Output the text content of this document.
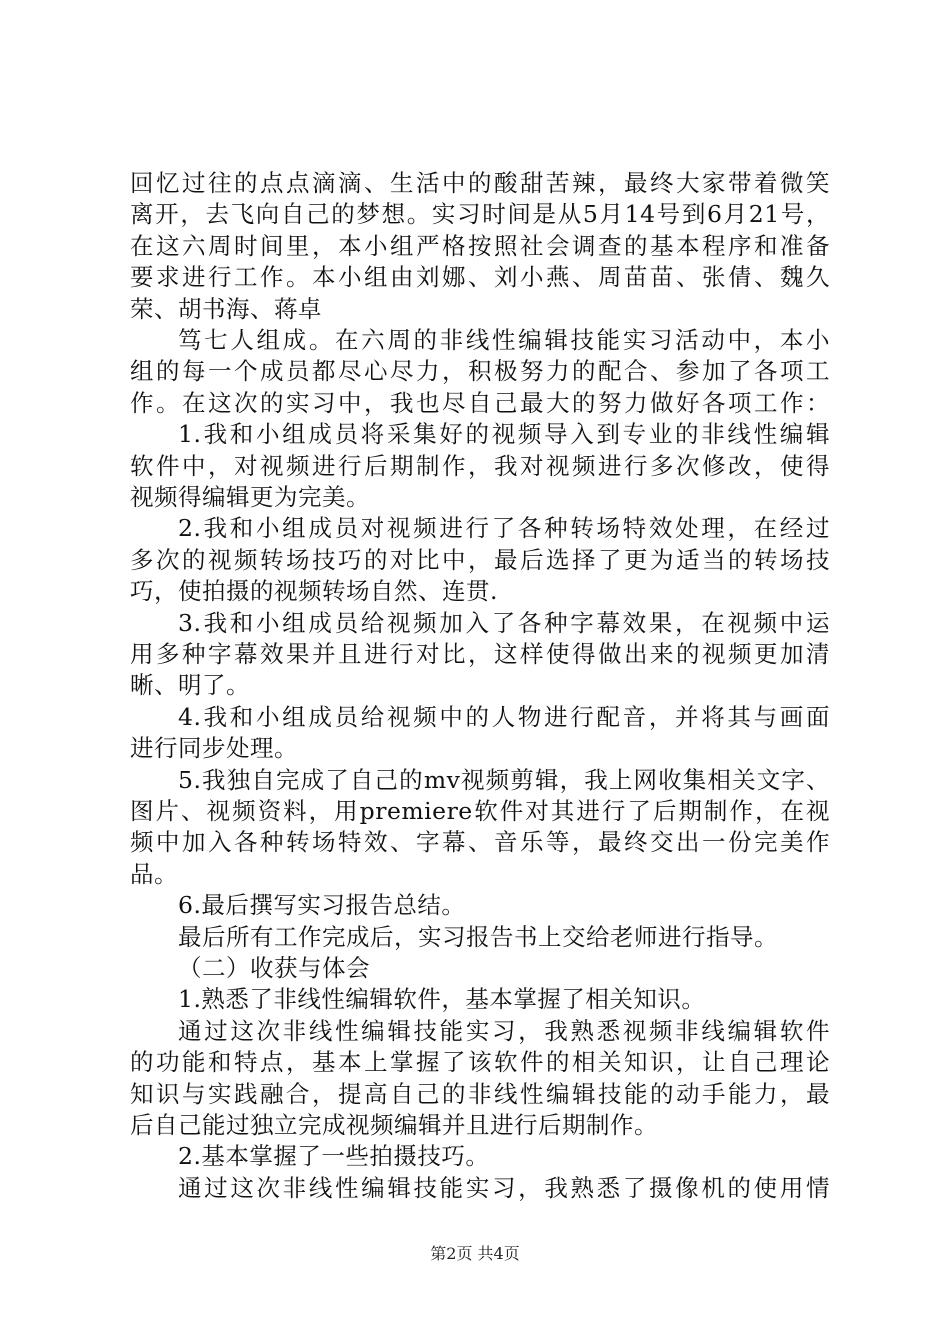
回忆过往的点点滴滴、生活中的酸甜苦辣，最终大家带着微笑
离开，去飞向自己的梦想。实习时间是从5月14号到6月21号，
在这六周时间里，本小组严格按照社会调查的基本程序和准备
要求进行工作。本小组由刘娜、刘小燕、周苗苗、张倩、魏久
荣、胡书海、蒋卓
笃七人组成。在六周的非线性编辑技能实习活动中，本小
组的每一个成员都尽心尽力，积极努力的配合、参加了各项工
作。在这次的实习中，我也尽自己最大的努力做好各项工作：
1.我和小组成员将采集好的视频导入到专业的非线性编辑
软件中，对视频进行后期制作，我对视频进行多次修改，使得
视频得编辑更为完美。
2.我和小组成员对视频进行了各种转场特效处理，在经过
多次的视频转场技巧的对比中，最后选择了更为适当的转场技
巧，使拍摄的视频转场自然、连贯.
3.我和小组成员给视频加入了各种字幕效果，在视频中运
用多种字幕效果并且进行对比，这样使得做出来的视频更加清
晰、明了。
4.我和小组成员给视频中的人物进行配音，并将其与画面
进行同步处理。
5.我独自完成了自己的mv视频剪辑，我上网收集相关文字、
图片、视频资料，用premiere软件对其进行了后期制作，在视
频中加入各种转场特效、字幕、音乐等，最终交出一份完美作
品。
6.最后撰写实习报告总结。
最后所有工作完成后，实习报告书上交给老师进行指导。
（二）收获与体会
1.熟悉了非线性编辑软件，基本掌握了相关知识。
通过这次非线性编辑技能实习，我熟悉视频非线编辑软件
的功能和特点，基本上掌握了该软件的相关知识，让自己理论
知识与实践融合，提高自己的非线性编辑技能的动手能力，最
后自己能过独立完成视频编辑并且进行后期制作。
2.基本掌握了一些拍摄技巧。
通过这次非线性编辑技能实习，我熟悉了摄像机的使用情
第2页 共4页
